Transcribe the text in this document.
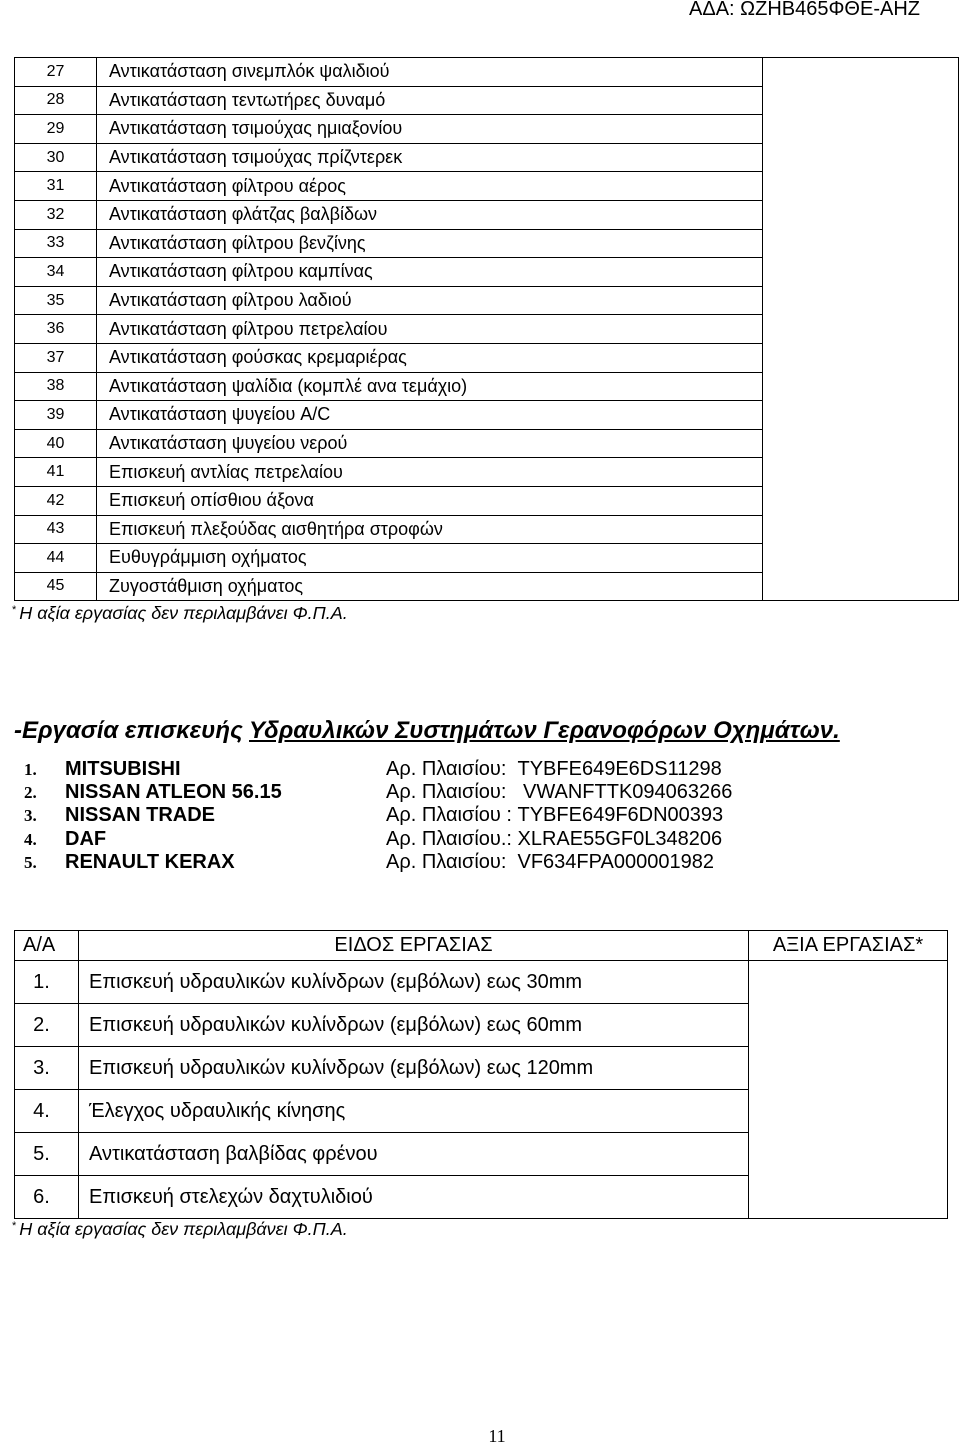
ΑΔΑ: ΩΖΗΒ465ΦΘΕ-ΑΗΖ
27	Αντικατάσταση σινεμπλόκ ψαλιδιού	
28	Αντικατάσταση τεντωτήρες δυναμό	
29	Αντικατάσταση τσιμούχας ημιαξονίου	
30	Αντικατάσταση τσιμούχας πρίζντερεκ	
31	Αντικατάσταση φίλτρου αέρος	
32	Αντικατάσταση φλάτζας βαλβίδων	
33	Αντικατάσταση φίλτρου βενζίνης	
34	Αντικατάσταση φίλτρου καμπίνας	
35	Αντικατάσταση φίλτρου λαδιού	
36	Αντικατάσταση φίλτρου πετρελαίου	
37	Αντικατάσταση φούσκας κρεμαριέρας	
38	Αντικατάσταση ψαλίδια (κομπλέ ανα τεμάχιο)	
39	Αντικατάσταση ψυγείου A/C	
40	Αντικατάσταση ψυγείου νερού	
41	Επισκευή αντλίας πετρελαίου	
42	Επισκευή οπίσθιου άξονα	
43	Επισκευή πλεξούδας αισθητήρα στροφών	
44	Ευθυγράμμιση οχήματος	
45	Ζυγοστάθμιση οχήματος	
* Η αξία εργασίας δεν περιλαμβάνει Φ.Π.Α.
-Εργασία επισκευής Υδραυλικών Συστημάτων Γερανοφόρων Οχημάτων.
1. MITSUBISHI	Αρ. Πλαισίου:  TYBFE649E6DS11298
2. NISSAN ATLEON 56.15	Αρ. Πλαισίου:   VWANFTTK094063266
3. NISSAN TRADE	Αρ. Πλαισίου : TYBFE649F6DN00393
4. DAF	Αρ. Πλαισίου.: XLRAE55GF0L348206
5. RENAULT KERAX	Αρ. Πλαισίου:  VF634FPA000001982
Α/Α	ΕΙΔΟΣ ΕΡΓΑΣΙΑΣ	ΑΞΙΑ ΕΡΓΑΣΙΑΣ*
1.	Επισκευή υδραυλικών κυλίνδρων (εμβόλων) εως 30mm	
2.	Επισκευή υδραυλικών κυλίνδρων (εμβόλων) εως 60mm	
3.	Επισκευή υδραυλικών κυλίνδρων (εμβόλων) εως 120mm	
4.	Έλεγχος υδραυλικής κίνησης	
5.	Αντικατάσταση βαλβίδας φρένου	
6.	Επισκευή στελεχών δαχτυλιδιού	
* Η αξία εργασίας δεν περιλαμβάνει Φ.Π.Α.
11
